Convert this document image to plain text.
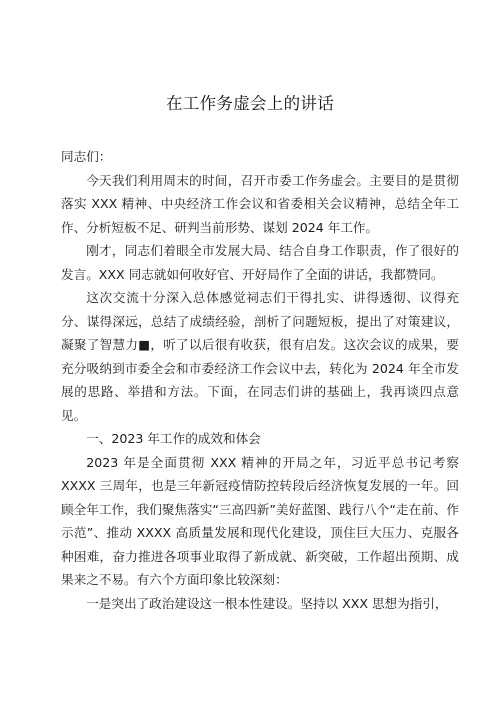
在工作务虚会上的讲话

同志们：

今天我们利用周末的时间，召开市委工作务虚会。主要目的是贯彻落实 XXX 精神、中央经济工作会议和省委相关会议精神，总结全年工作、分析短板不足、研判当前形势、谋划 2024 年工作。

刚才，同志们着眼全市发展大局、结合自身工作职责，作了很好的发言。XXX 同志就如何收好官、开好局作了全面的讲话，我都赞同。

这次交流十分深入总体感觉祠志们干得扎实、讲得透彻、议得充分、谋得深远，总结了成绩经验，剖析了问题短板，提出了对策建议，凝聚了智慧力■，听了以后很有收获，很有启发。这次会议的成果，要充分吸纳到市委全会和市委经济工作会议中去，转化为 2024 年全市发展的思路、举措和方法。下面，在同志们讲的基础上，我再谈四点意见。

一、2023 年工作的成效和体会

2023 年是全面贯彻 XXX 精神的开局之年，习近平总书记考察 XXXX 三周年，也是三年新冠疫情防控转段后经济恢复发展的一年。回顾全年工作，我们聚焦落实“三高四新”美好蓝图、践行八个“走在前、作示范”、推动 XXXX 高质量发展和现代化建设，顶住巨大压力、克服各种困难，奋力推进各项事业取得了新成就、新突破，工作超出预期、成果来之不易。有六个方面印象比较深刻：

一是突出了政治建设这一根本性建设。坚持以 XXX 思想为指引，
